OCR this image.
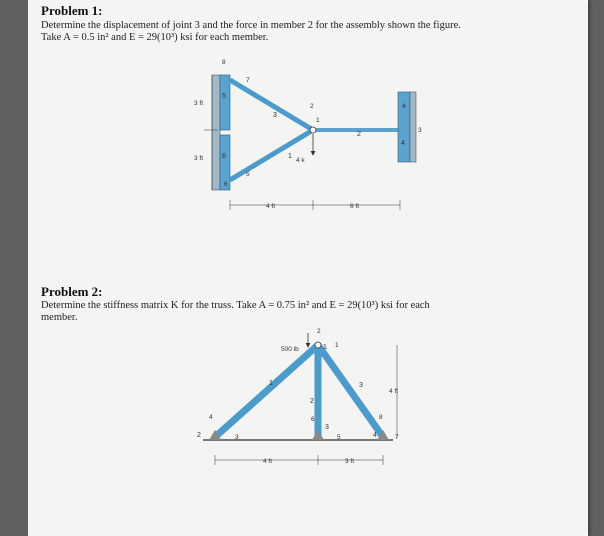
Problem 1:
Determine the displacement of joint 3 and the force in member 2 for the assembly shown the figure.
Take A = 0.5 in² and E = 29(10³) ksi for each member.
3 ft
3 ft
4 ft	6 ft
4 k
1
2
3
4
5
6
1
2
3
4
5
6
7
8
Problem 2:
Determine the stiffness matrix K for the truss. Take A = 0.75 in² and E = 29(10³) ksi for each
member.
500 lb
4 ft
4 ft	3 ft
1
2
3
1
2
3
4
1
2
3
4
5
6
7
8
